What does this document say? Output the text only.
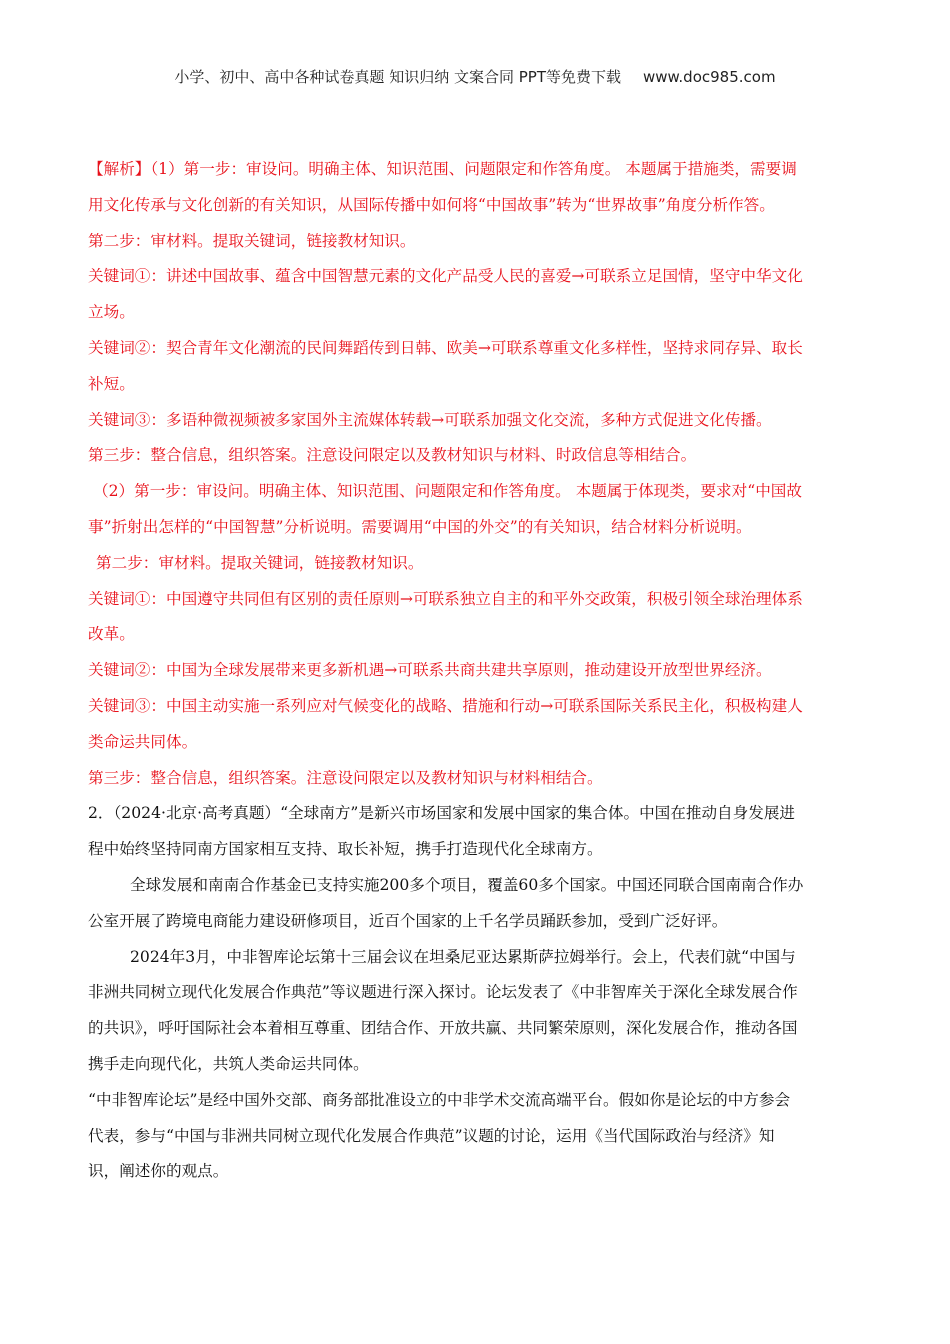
小学、初中、高中各种试卷真题 知识归纳 文案合同 PPT等免费下载 www.doc985.com
【解析】（1）第一步：审设问。明确主体、知识范围、问题限定和作答角度。 本题属于措施类，需要调
用文化传承与文化创新的有关知识，从国际传播中如何将“中国故事”转为“世界故事”角度分析作答。
第二步：审材料。提取关键词，链接教材知识。
关键词①：讲述中国故事、蕴含中国智慧元素的文化产品受人民的喜爱→可联系立足国情，坚守中华文化
立场。
关键词②：契合青年文化潮流的民间舞蹈传到日韩、欧美→可联系尊重文化多样性，坚持求同存异、取长
补短。
关键词③：多语种微视频被多家国外主流媒体转载→可联系加强文化交流，多种方式促进文化传播。
第三步：整合信息，组织答案。注意设问限定以及教材知识与材料、时政信息等相结合。
（2）第一步：审设问。明确主体、知识范围、问题限定和作答角度。 本题属于体现类，要求对“中国故
事”折射出怎样的“中国智慧”分析说明。需要调用“中国的外交”的有关知识，结合材料分析说明。
第二步：审材料。提取关键词，链接教材知识。
关键词①：中国遵守共同但有区别的责任原则→可联系独立自主的和平外交政策，积极引领全球治理体系
改革。
关键词②：中国为全球发展带来更多新机遇→可联系共商共建共享原则，推动建设开放型世界经济。
关键词③：中国主动实施一系列应对气候变化的战略、措施和行动→可联系国际关系民主化，积极构建人
类命运共同体。
第三步：整合信息，组织答案。注意设问限定以及教材知识与材料相结合。
2．（2024·北京·高考真题）“全球南方”是新兴市场国家和发展中国家的集合体。中国在推动自身发展进
程中始终坚持同南方国家相互支持、取长补短，携手打造现代化全球南方。
全球发展和南南合作基金已支持实施200多个项目，覆盖60多个国家。中国还同联合国南南合作办
公室开展了跨境电商能力建设研修项目，近百个国家的上千名学员踊跃参加，受到广泛好评。
2024年3月，中非智库论坛第十三届会议在坦桑尼亚达累斯萨拉姆举行。会上，代表们就“中国与
非洲共同树立现代化发展合作典范”等议题进行深入探讨。论坛发表了《中非智库关于深化全球发展合作
的共识》，呼吁国际社会本着相互尊重、团结合作、开放共赢、共同繁荣原则，深化发展合作，推动各国
携手走向现代化，共筑人类命运共同体。
“中非智库论坛”是经中国外交部、商务部批准设立的中非学术交流高端平台。假如你是论坛的中方参会
代表，参与“中国与非洲共同树立现代化发展合作典范”议题的讨论，运用《当代国际政治与经济》知
识，阐述你的观点。
